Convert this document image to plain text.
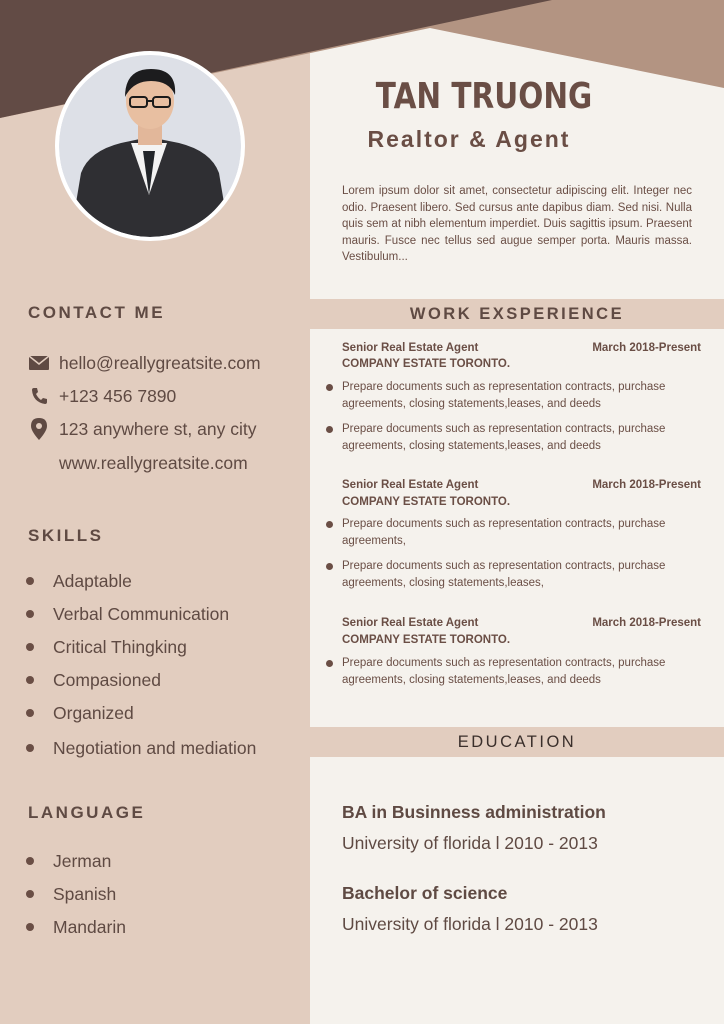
TAN TRUONG
Realtor & Agent
Lorem ipsum dolor sit amet, consectetur adipiscing elit. Integer nec odio. Praesent libero. Sed cursus ante dapibus diam. Sed nisi. Nulla quis sem at nibh elementum imperdiet. Duis sagittis ipsum. Praesent mauris. Fusce nec tellus sed augue semper porta. Mauris massa. Vestibulum...
CONTACT ME
hello@reallygreatsite.com
+123 456 7890
123 anywhere st, any city
www.reallygreatsite.com
SKILLS
Adaptable
Verbal Communication
Critical Thingking
Compasioned
Organized
Negotiation and mediation
LANGUAGE
Jerman
Spanish
Mandarin
WORK EXSPERIENCE
Senior Real Estate Agent	March 2018-Present
COMPANY ESTATE TORONTO.
Prepare documents such as representation contracts, purchase agreements, closing statements,leases, and deeds
Prepare documents such as representation contracts, purchase agreements, closing statements,leases, and deeds
Senior Real Estate Agent	March 2018-Present
COMPANY ESTATE TORONTO.
Prepare documents such as representation contracts, purchase agreements,
Prepare documents such as representation contracts, purchase agreements, closing statements,leases,
Senior Real Estate Agent	March 2018-Present
COMPANY ESTATE TORONTO.
Prepare documents such as representation contracts, purchase agreements, closing statements,leases, and deeds
EDUCATION
BA in Businness administration
University of florida l 2010 - 2013
Bachelor of science
University of florida l 2010 - 2013
